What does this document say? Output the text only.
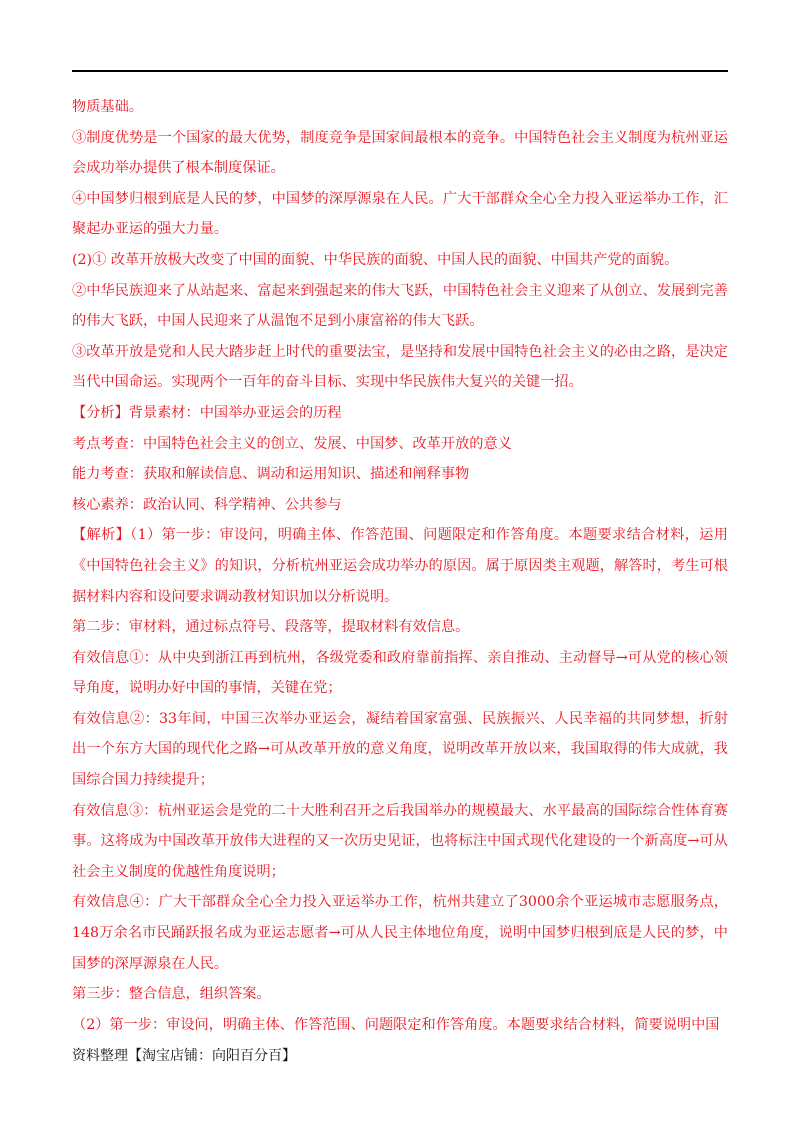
物质基础。

③制度优势是一个国家的最大优势，制度竞争是国家间最根本的竞争。中国特色社会主义制度为杭州亚运会成功举办提供了根本制度保证。

④中国梦归根到底是人民的梦，中国梦的深厚源泉在人民。广大干部群众全心全力投入亚运举办工作，汇聚起办亚运的强大力量。

(2)① 改革开放极大改变了中国的面貌、中华民族的面貌、中国人民的面貌、中国共产党的面貌。

②中华民族迎来了从站起来、富起来到强起来的伟大飞跃，中国特色社会主义迎来了从创立、发展到完善的伟大飞跃，中国人民迎来了从温饱不足到小康富裕的伟大飞跃。

③改革开放是党和人民大踏步赶上时代的重要法宝，是坚持和发展中国特色社会主义的必由之路，是决定当代中国命运。实现两个一百年的奋斗目标、实现中华民族伟大复兴的关键一招。

【分析】背景素材：中国举办亚运会的历程

考点考查：中国特色社会主义的创立、发展、中国梦、改革开放的意义

能力考查：获取和解读信息、调动和运用知识、描述和阐释事物

核心素养：政治认同、科学精神、公共参与

【解析】（1）第一步：审设问，明确主体、作答范围、问题限定和作答角度。本题要求结合材料，运用《中国特色社会主义》的知识，分析杭州亚运会成功举办的原因。属于原因类主观题，解答时，考生可根据材料内容和设问要求调动教材知识加以分析说明。

第二步：审材料，通过标点符号、段落等，提取材料有效信息。

有效信息①：从中央到浙江再到杭州，各级党委和政府靠前指挥、亲自推动、主动督导→可从党的核心领导角度，说明办好中国的事情，关键在党；

有效信息②：33年间，中国三次举办亚运会，凝结着国家富强、民族振兴、人民幸福的共同梦想，折射出一个东方大国的现代化之路→可从改革开放的意义角度，说明改革开放以来，我国取得的伟大成就，我国综合国力持续提升；

有效信息③：杭州亚运会是党的二十大胜利召开之后我国举办的规模最大、水平最高的国际综合性体育赛事。这将成为中国改革开放伟大进程的又一次历史见证，也将标注中国式现代化建设的一个新高度→可从社会主义制度的优越性角度说明；

有效信息④：广大干部群众全心全力投入亚运举办工作，杭州共建立了3000余个亚运城市志愿服务点，148万余名市民踊跃报名成为亚运志愿者→可从人民主体地位角度，说明中国梦归根到底是人民的梦，中国梦的深厚源泉在人民。

第三步：整合信息，组织答案。

（2）第一步：审设问，明确主体、作答范围、问题限定和作答角度。本题要求结合材料，简要说明中国

资料整理【淘宝店铺：向阳百分百】
